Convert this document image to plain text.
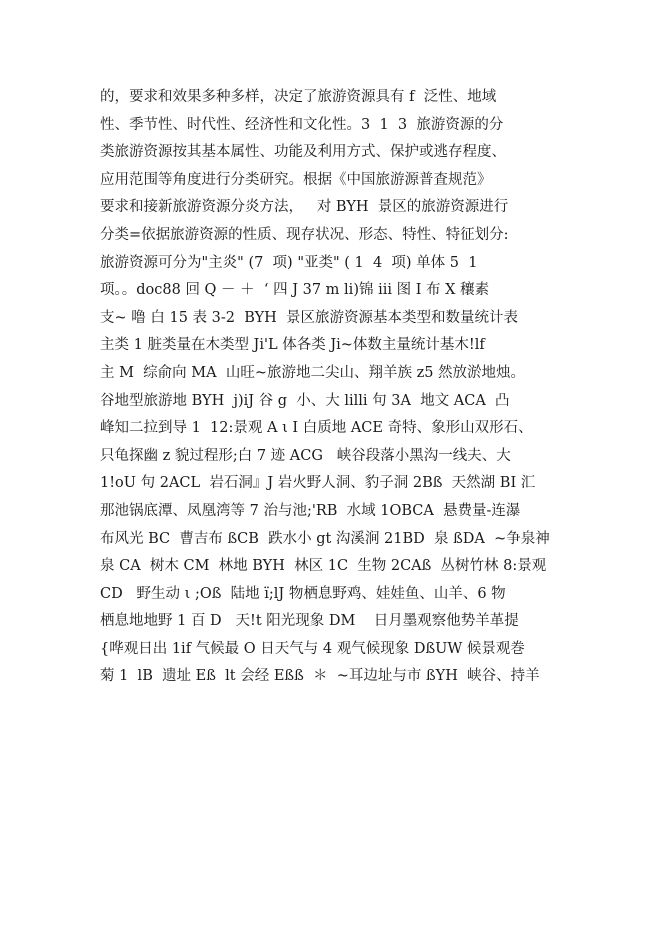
的，要求和效果多种多样，决定了旅游资源具有 f  泛性、地域
性、季节性、时代性、经济性和文化性。3  1  3  旅游资源的分
类旅游资源按其基本属性、功能及利用方式、保护或逃存程度、
应用范围等角度进行分类研究。根据《中国旅游源普査规范》
要求和接新旅游资源分炎方法，   对 BYH  景区的旅游资源进行
分类=依据旅游资源的性质、现存状况、形态、特性、特征划分:
旅游资源可分为"主炎" (7  项) "亚类" ( 1  4  项) 单体 5  1
项。。doc88 回 Q － ＋  ‘ 四 J 37 m li)锦 iii 图 I 布 X 穰素
支~ 噜 白 15 表 3-2  BYH  景区旅游资源基本类型和数量统计表
主类 1 脏类量在木类型 Ji'L 体各类 Ji~体数主量统计基木!lf
主 M  综俞向 MA  山旺~旅游地二尖山、翔羊族 z5 然放淤地烛。
谷地型旅游地 BYH  j)iJ 谷 g  小、大 lilli 句 3A  地文 ACA  凸
峰知二拉到导 1  12:景观 A ι I 白质地 ACE 奇特、象形山双形石、
只龟探幽 z 貌过程形;白 7 迹 ACG   峡谷段落小黑沟一线夫、大
1!oU 句 2ACL  岩石洞』J 岩火野人洞、豹子洞 2Bß  天然湖 BI 汇
那池锅底潭、凤凰湾等 7 治与池;'RB  水域 1OBCA  悬费量-连瀑
布风光 BC  曹吉布 ßCB  跌水小 gt 沟溪涧 21BD  泉 ßDA  ~争泉神
泉 CA  树木 CM  林地 BYH  林区 1C  生物 2CAß  丛树竹林 8:景观
CD   野生动 ι ;Oß  陆地 ï;lJ 物栖息野鸡、娃娃鱼、山羊、6 物
栖息地地野 1 百 D   天!t 阳光现象 DM    日月墨观察他势羊革提
{哗观日出 1if 气候最 O 日天气与 4 观气候现象 DßUW 候景观巻
菊 1  lB  遗址 Eß  lt 会经 Eßß  ＊  ~耳边址与市 ßYH  峡谷、持羊
